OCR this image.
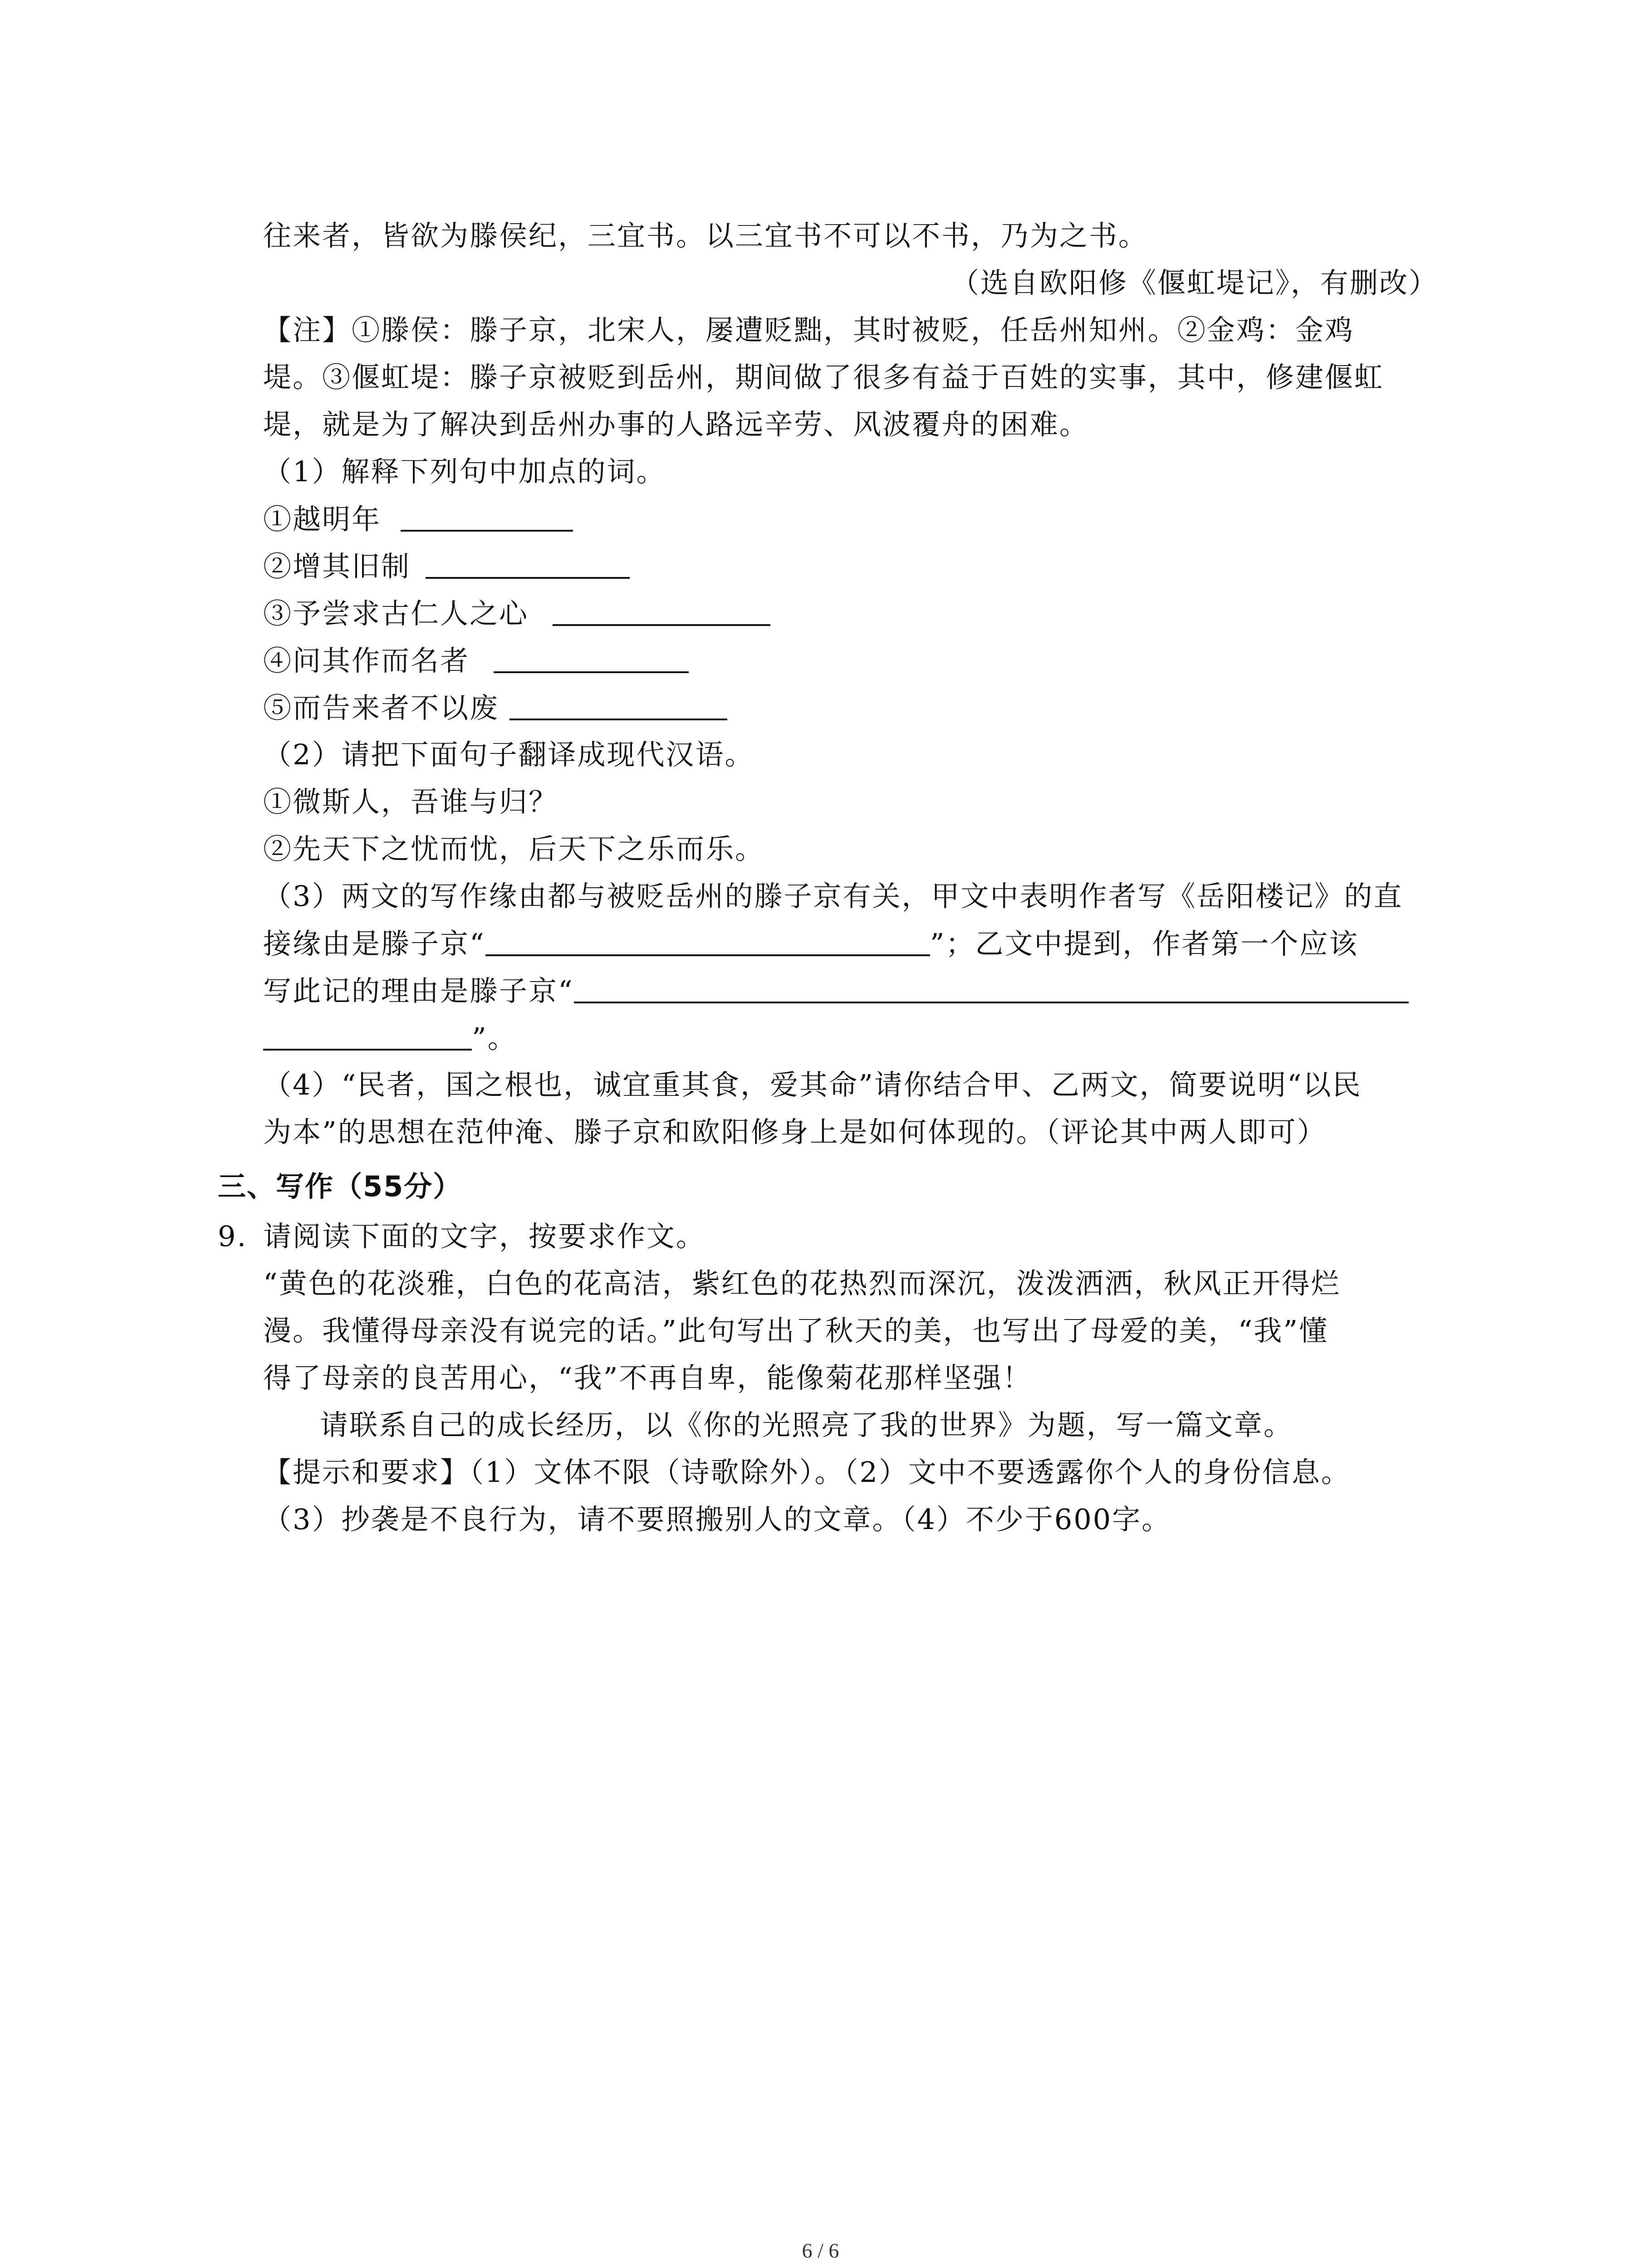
往来者，皆欲为滕侯纪，三宜书。以三宜书不可以不书，乃为之书。
（选自欧阳修《偃虹堤记》，有删改）
【注】①滕侯：滕子京，北宋人，屡遭贬黜，其时被贬，任岳州知州。②金鸡：金鸡
堤。③偃虹堤：滕子京被贬到岳州，期间做了很多有益于百姓的实事，其中，修建偃虹
堤，就是为了解决到岳州办事的人路远辛劳、风波覆舟的困难。
（1）解释下列句中加点的词。
①越明年
②增其旧制
③予尝求古仁人之心
④问其作而名者
⑤而告来者不以废
（2）请把下面句子翻译成现代汉语。
①微斯人，吾谁与归？
②先天下之忧而忧，后天下之乐而乐。
（3）两文的写作缘由都与被贬岳州的滕子京有关，甲文中表明作者写《岳阳楼记》的直
接缘由是滕子京“	”；乙文中提到，作者第一个应该
写此记的理由是滕子京“
”。
（4）“民者，国之根也，诚宜重其食，爱其命”请你结合甲、乙两文，简要说明“以民
为本”的思想在范仲淹、滕子京和欧阳修身上是如何体现的。（评论其中两人即可）
三、写作（55分）
9. 请阅读下面的文字，按要求作文。
“黄色的花淡雅，白色的花高洁，紫红色的花热烈而深沉，泼泼洒洒，秋风正开得烂
漫。我懂得母亲没有说完的话。”此句写出了秋天的美，也写出了母爱的美，“我”懂
得了母亲的良苦用心，“我”不再自卑，能像菊花那样坚强！
请联系自己的成长经历，以《你的光照亮了我的世界》为题，写一篇文章。
【提示和要求】（1）文体不限（诗歌除外）。（2）文中不要透露你个人的身份信息。
（3）抄袭是不良行为，请不要照搬别人的文章。（4）不少于600字。
6 / 6
